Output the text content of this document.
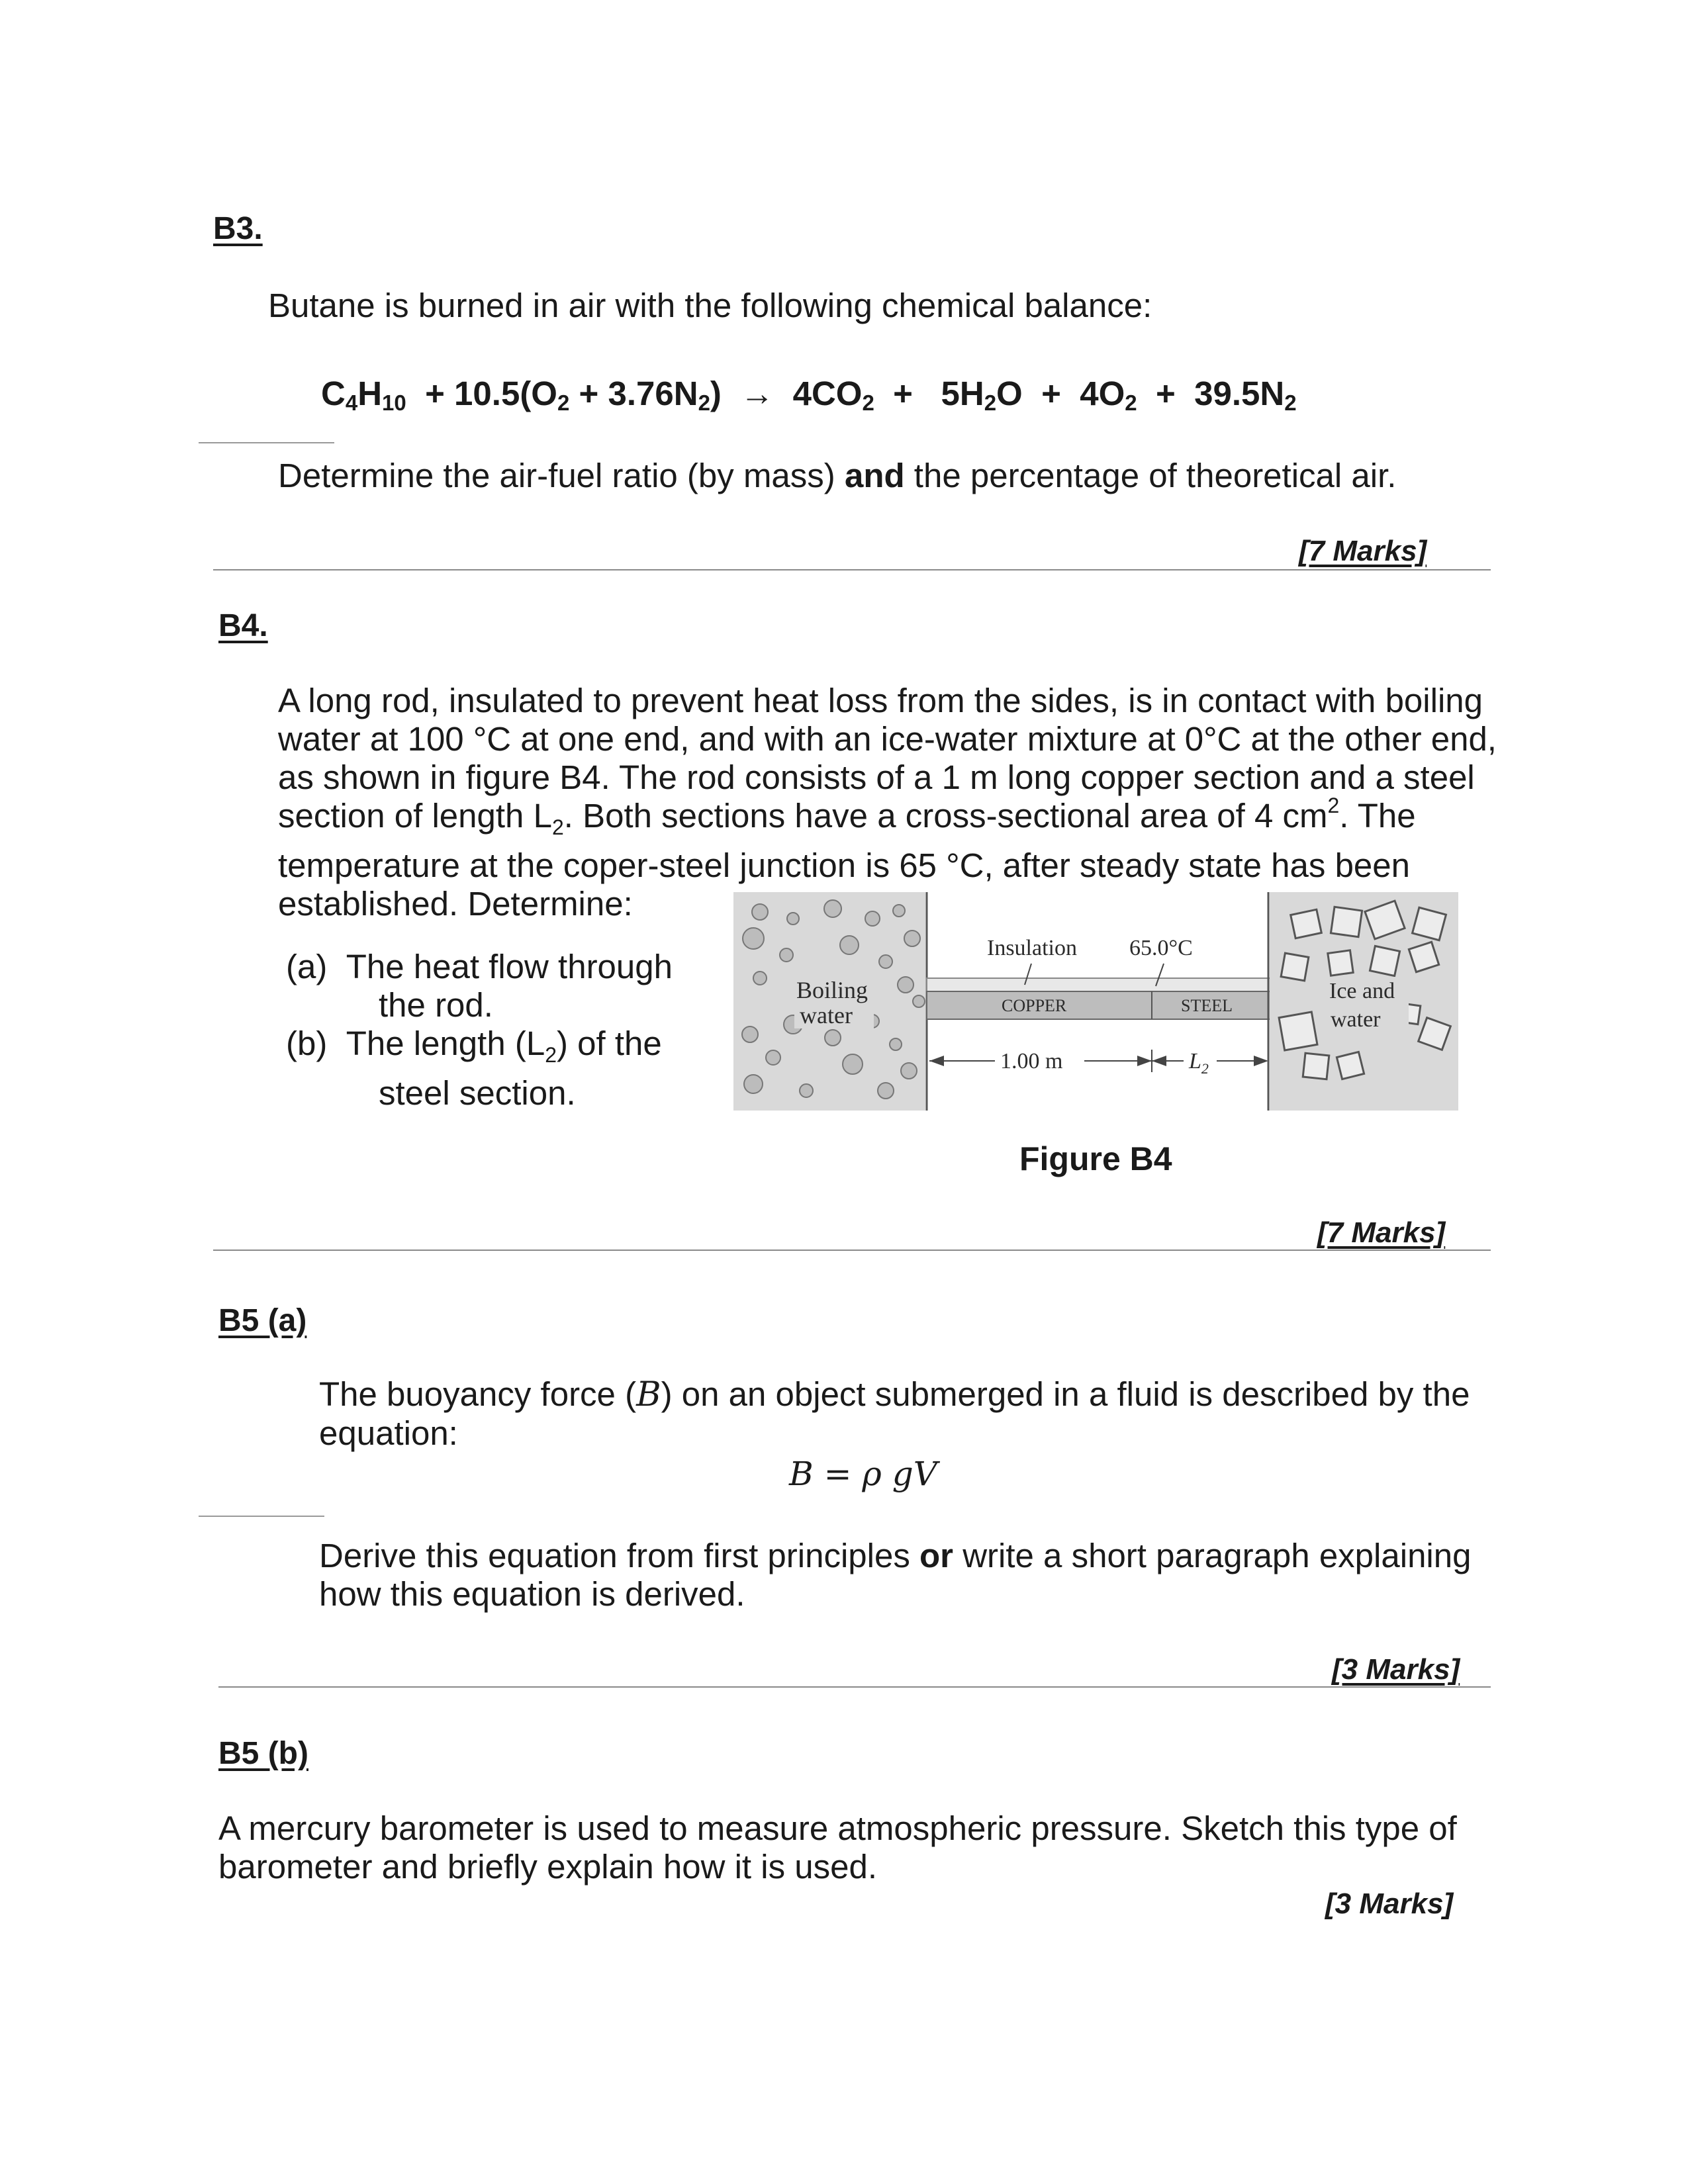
B3.
Butane is burned in air with the following chemical balance:
$C_4H_{10} + 10.5(O_2 + 3.76N_2) \to 4CO_2 + 5H_2O + 4O_2 + 39.5N_2$
Determine the air-fuel ratio (by mass) and the percentage of theoretical air.
[7 Marks]
B4.
A long rod, insulated to prevent heat loss from the sides, is in contact with boiling
water at 100 °C at one end, and with an ice-water mixture at 0°C at the other end,
as shown in figure B4. The rod consists of a 1 m long copper section and a steel
section of length $L_2$. Both sections have a cross-sectional area of 4 $cm^2$. The
temperature at the coper-steel junction is 65 °C, after steady state has been
established. Determine:
(a) The heat flow through
the rod.
(b) The length $(L_2)$ of the
steel section.
Boiling
water	COPPER	STEEL
Insulation 65.0°C
1.00 m	$L_2$
Ice and
water
Figure B4
[7 Marks]
B5 (a)
The buoyancy force (B) on an object submerged in a fluid is described by the
equation:
B = ρ gV
Derive this equation from first principles or write a short paragraph explaining
how this equation is derived.
[3 Marks]
B5 (b)
A mercury barometer is used to measure atmospheric pressure. Sketch this type of
barometer and briefly explain how it is used.
[3 Marks]
